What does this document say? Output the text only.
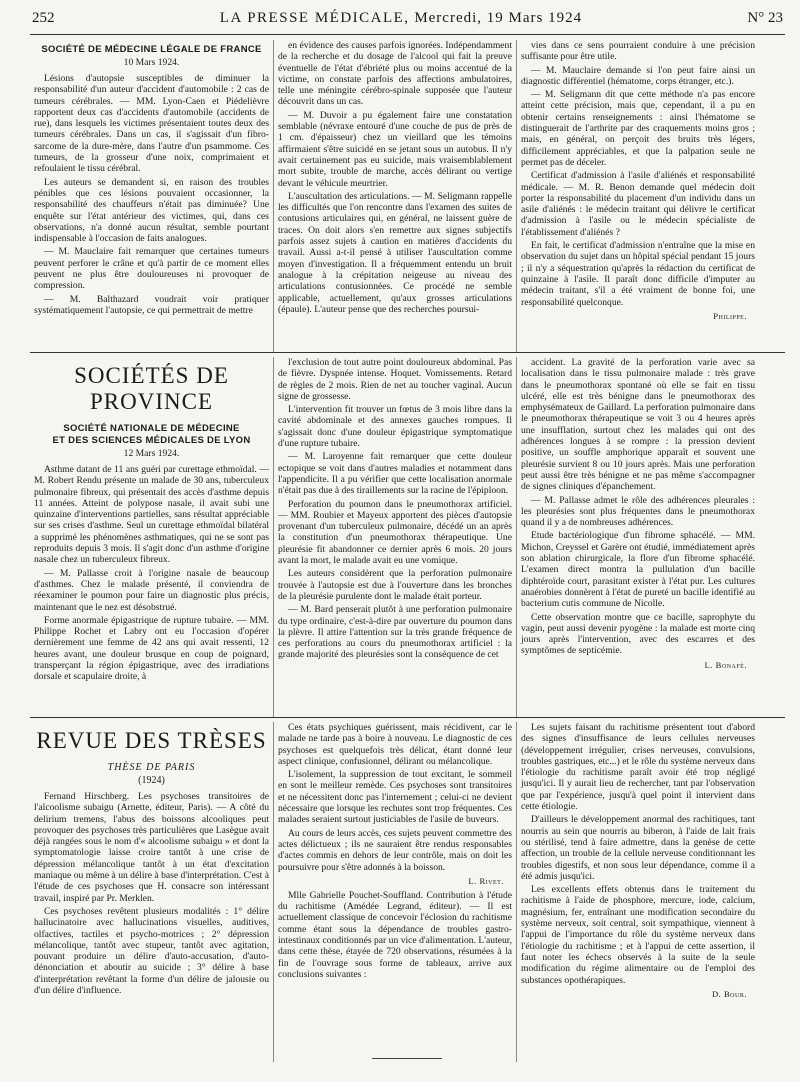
252	LA PRESSE MÉDICALE, Mercredi, 19 Mars 1924	N° 23
SOCIÉTÉ DE MÉDECINE LÉGALE DE FRANCE
10 Mars 1924.

Lésions d'autopsie susceptibles de diminuer la responsabilité d'un auteur d'accident d'automobile : 2 cas de tumeurs cérébrales. — MM. Lyon-Caen et Piédelièvre rapportent deux cas d'accidents d'automobile (accidents de rue), dans lesquels les victimes présentaient toutes deux des tumeurs cérébrales. Dans un cas, il s'agissait d'un fibro-sarcome de la dure-mère, dans l'autre d'un psammome. Ces tumeurs, de la grosseur d'une noix, comprimaient et refoulaient le tissu cérébral.

Les auteurs se demandent si, en raison des troubles pénibles que ces lésions pouvaient occasionner, la responsabilité des chauffeurs n'était pas diminuée? Une enquête sur l'état antérieur des victimes, qui, dans ces observations, n'a donné aucun résultat, semble pourtant indispensable à l'occasion de faits analogues.

— M. Mauclaire fait remarquer que certaines tumeurs peuvent perforer le crâne et qu'à partir de ce moment elles peuvent ne plus être douloureuses ni provoquer de compression.

— M. Balthazard voudrait voir pratiquer systématiquement l'autopsie, ce qui permettrait de mettre

en évidence des causes parfois ignorées. Indépendamment de la recherche et du dosage de l'alcool qui fait la preuve éventuelle de l'état d'ébriété plus ou moins accentué de la victime, on constate parfois des affections ambulatoires, telle une méningite cérébro-spinale supposée que l'auteur découvrit dans un cas.

— M. Duvoir a pu également faire une constatation semblable (névraxe entouré d'une couche de pus de près de 1 cm. d'épaisseur) chez un vieillard que les témoins affirmaient s'être suicidé en se jetant sous un autobus. Il n'y avait certainement pas eu suicide, mais vraisemblablement mort subite, trouble de marche, accès délirant ou vertige devant le véhicule meurtrier.

L'auscultation des articulations. — M. Seligmann rappelle les difficultés que l'on rencontre dans l'examen des suites de contusions articulaires qui, en général, ne laissent guère de traces. On doit alors s'en remettre aux signes subjectifs parfois assez sujets à caution en matières d'accidents du travail. Aussi a-t-il pensé à utiliser l'auscultation comme moyen d'investigation. Il a fréquemment entendu un bruit analogue à la crépitation neigeuse au niveau des articulations contusionnées. Ce procédé ne semble applicable, actuellement, qu'aux grosses articulations (épaule). L'auteur pense que des recherches poursui-

vies dans ce sens pourraient conduire à une précision suffisante pour être utile.

— M. Mauclaire demande si l'on peut faire ainsi un diagnostic différentiel (hématome, corps étranger, etc.).

— M. Seligmann dit que cette méthode n'a pas encore atteint cette précision, mais que, cependant, il a pu en obtenir certains renseignements : ainsi l'hématome se distinguerait de l'arthrite par des craquements moins gros ; mais, en général, on perçoit des bruits très légers, difficilement appréciables, et que la palpation seule ne permet pas de déceler.

Certificat d'admission à l'asile d'aliénés et responsabilité médicale. — M. R. Benon demande quel médecin doit porter la responsabilité du placement d'un individu dans un asile d'aliénés : le médecin traitant qui délivre le certificat d'admission à l'asile ou le médecin spécialiste de l'établissement d'aliénés ?

En fait, le certificat d'admission n'entraîne que la mise en observation du sujet dans un hôpital spécial pendant 15 jours ; il n'y a séquestration qu'après la rédaction du certificat de quinzaine à l'asile. Il paraît donc difficile d'imputer au médecin traitant, s'il a été vraiment de bonne foi, une responsabilité quelconque.

Philippe.
SOCIÉTÉS DE PROVINCE
SOCIÉTÉ NATIONALE DE MÉDECINE
ET DES SCIENCES MÉDICALES DE LYON
12 Mars 1924.

Asthme datant de 11 ans guéri par curettage ethmoïdal. — M. Robert Rendu présente un malade de 30 ans, tuberculeux pulmonaire fibreux, qui présentait des accès d'asthme depuis 11 années. Atteint de polypose nasale, il avait subi une quinzaine d'interventions partielles, sans résultat appréciable sur ses crises d'asthme. Seul un curettage ethmoïdal bilatéral a supprimé les phénomènes asthmatiques, qui ne se sont pas reproduits depuis 3 mois. Il s'agit donc d'un asthme d'origine nasale chez un tuberculeux fibreux.

— M. Pallasse croit à l'origine nasale de beaucoup d'asthmes. Chez le malade présenté, il conviendra de réexaminer le poumon pour faire un diagnostic plus précis, maintenant que le nez est désobstrué.

Forme anormale épigastrique de rupture tubaire. — MM. Philippe Rochet et Labry ont eu l'occasion d'opérer dernièrement une femme de 42 ans qui avait ressenti, 12 heures avant, une douleur brusque en coup de poignard, transperçant la région épigastrique, avec des irradiations dorsale et scapulaire droite, à

l'exclusion de tout autre point douloureux abdominal. Pas de fièvre. Dyspnée intense. Hoquet. Vomissements. Retard de règles de 2 mois. Rien de net au toucher vaginal. Aucun signe de grossesse.

L'intervention fit trouver un fœtus de 3 mois libre dans la cavité abdominale et des annexes gauches rompues. Il s'agissait donc d'une douleur épigastrique symptomatique d'une rupture tubaire.

— M. Laroyenne fait remarquer que cette douleur ectopique se voit dans d'autres maladies et notamment dans l'appendicite. Il a pu vérifier que cette localisation anormale n'était pas due à des tiraillements sur la racine de l'épiploon.

Perforation du poumon dans le pneumothorax artificiel. — MM. Roubier et Mayeux apportent des pièces d'autopsie provenant d'un tuberculeux pulmonaire, décédé un an après la constitution d'un pneumothorax thérapeutique. Une pleurésie fit abandonner ce dernier après 6 mois. 20 jours avant la mort, le malade avait eu une vomique.

Les auteurs considèrent que la perforation pulmonaire trouvée à l'autopsie est due à l'ouverture dans les bronches de la pleurésie purulente dont le malade était porteur.

— M. Bard penserait plutôt à une perforation pulmonaire du type ordinaire, c'est-à-dire par ouverture du poumon dans la plèvre. Il attire l'attention sur la très grande fréquence de ces perforations au cours du pneumothorax artificiel : la grande majorité des pleurésies sont la conséquence de cet

accident. La gravité de la perforation varie avec sa localisation dans le tissu pulmonaire malade : très grave dans le pneumothorax spontané où elle se fait en tissu ulcéré, elle est très bénigne dans le pneumothorax des emphysémateux de Gaillard. La perforation pulmonaire dans le pneumothorax thérapeutique se voit 3 ou 4 heures après une insufflation, surtout chez les malades qui ont des adhérences longues à se rompre : la pression devient positive, un souffle amphorique apparaît et souvent une pleurésie survient 8 ou 10 jours après. Mais une perforation peut aussi être très bénigne et ne pas même s'accompagner de signes cliniques d'épanchement.

— M. Pallasse admet le rôle des adhérences pleurales : les pleurésies sont plus fréquentes dans le pneumothorax quand il y a de nombreuses adhérences.

Etude bactériologique d'un fibrome sphacélé. — MM. Michon, Creyssel et Garère ont étudié, immédiatement après son ablation chirurgicale, la flore d'un fibrome sphacélé. L'examen direct montra la pullulation d'un bacille diphtéroïde court, parasitant exister à l'état pur. Les cultures anaérobies donnèrent à l'état de pureté un bacille identifié au bacterium cutis commune de Nicolle.

Cette observation montre que ce bacille, saprophyte du vagin, peut aussi devenir pyogène : la malade est morte cinq jours après l'intervention, avec des escarres et des symptômes de septicémie.

L. Bonafé.
REVUE DES TRÈSES
THÈSE DE PARIS
(1924)

Fernand Hirschberg. Les psychoses transitoires de l'alcoolisme subaigu (Arnette, éditeur, Paris). — A côté du delirium tremens, l'abus des boissons alcooliques peut provoquer des psychoses très particulières que Lasègue avait déjà rangées sous le nom d'« alcoolisme subaigu » et dont la symptomatologie laisse croire tantôt à une crise de dépression mélancolique tantôt à un état d'excitation maniaque ou même à un délire à base d'interprétation. C'est à l'étude de ces psychoses que H. consacre son intéressant travail, inspiré par Pr. Merklen.

Ces psychoses revêtent plusieurs modalités : 1° délire hallucinatoire avec hallucinations visuelles, auditives, olfactives, tactiles et psycho-motrices ; 2° dépression mélancolique, tantôt avec stupeur, tantôt avec agitation, pouvant produire un délire d'auto-accusation, d'auto-dénonciation et aboutir au suicide ; 3° délire à base d'interprétation revêtant la forme d'un délire de jalousie ou d'un délire d'influence.

Ces états psychiques guérissent, mais récidivent, car le malade ne tarde pas à boire à nouveau. Le diagnostic de ces psychoses est quelquefois très délicat, étant donné leur aspect clinique, confusionnel, délirant ou mélancolique.

L'isolement, la suppression de tout excitant, le sommeil en sont le meilleur remède. Ces psychoses sont transitoires et ne nécessitent donc pas l'internement ; celui-ci ne devient nécessaire que lorsque les rechutes sont trop fréquentes. Ces malades seraient surtout justiciables de l'asile de buveurs.

Au cours de leurs accès, ces sujets peuvent commettre des actes délictueux ; ils ne sauraient être rendus responsables d'actes commis en dehors de leur contrôle, mais on doit les poursuivre pour s'être adonnés à la boisson.

L. Rivet.

Mlle Gabrielle Pouchet-Souffland. Contribution à l'étude du rachitisme (Amédée Legrand, éditeur). — Il est actuellement classique de concevoir l'éclosion du rachitisme comme étant sous la dépendance de troubles gastro-intestinaux conditionnés par un vice d'alimentation. L'auteur, dans cette thèse, étayée de 720 observations, résumées à la fin de l'ouvrage sous forme de tableaux, arrive aux conclusions suivantes :

Les sujets faisant du rachitisme présentent tout d'abord des signes d'insuffisance de leurs cellules nerveuses (développement irrégulier, crises nerveuses, convulsions, troubles gastriques, etc...) et le rôle du système nerveux dans l'étiologie du rachitisme paraît avoir été trop négligé jusqu'ici. Il y aurait lieu de rechercher, tant par l'observation que par l'expérience, jusqu'à quel point il intervient dans cette étiologie.

D'ailleurs le développement anormal des rachitiques, tant nourris au sein que nourris au biberon, à l'aide de lait frais ou stérilisé, tend à faire admettre, dans la genèse de cette affection, un trouble de la cellule nerveuse conditionnant les troubles digestifs, et non sous leur dépendance, comme il a été admis jusqu'ici.

Les excellents effets obtenus dans le traitement du rachitisme à l'aide de phosphore, mercure, iode, calcium, magnésium, fer, entraînant une modification secondaire du système nerveux, soit central, soit sympathique, viennent à l'appui de l'importance du rôle du système nerveux dans l'étiologie du rachitisme ; et à l'appui de cette assertion, il faut noter les échecs observés à la suite de la seule modification du régime alimentaire ou de l'emploi des substances opothérapiques.

D. Bour.
